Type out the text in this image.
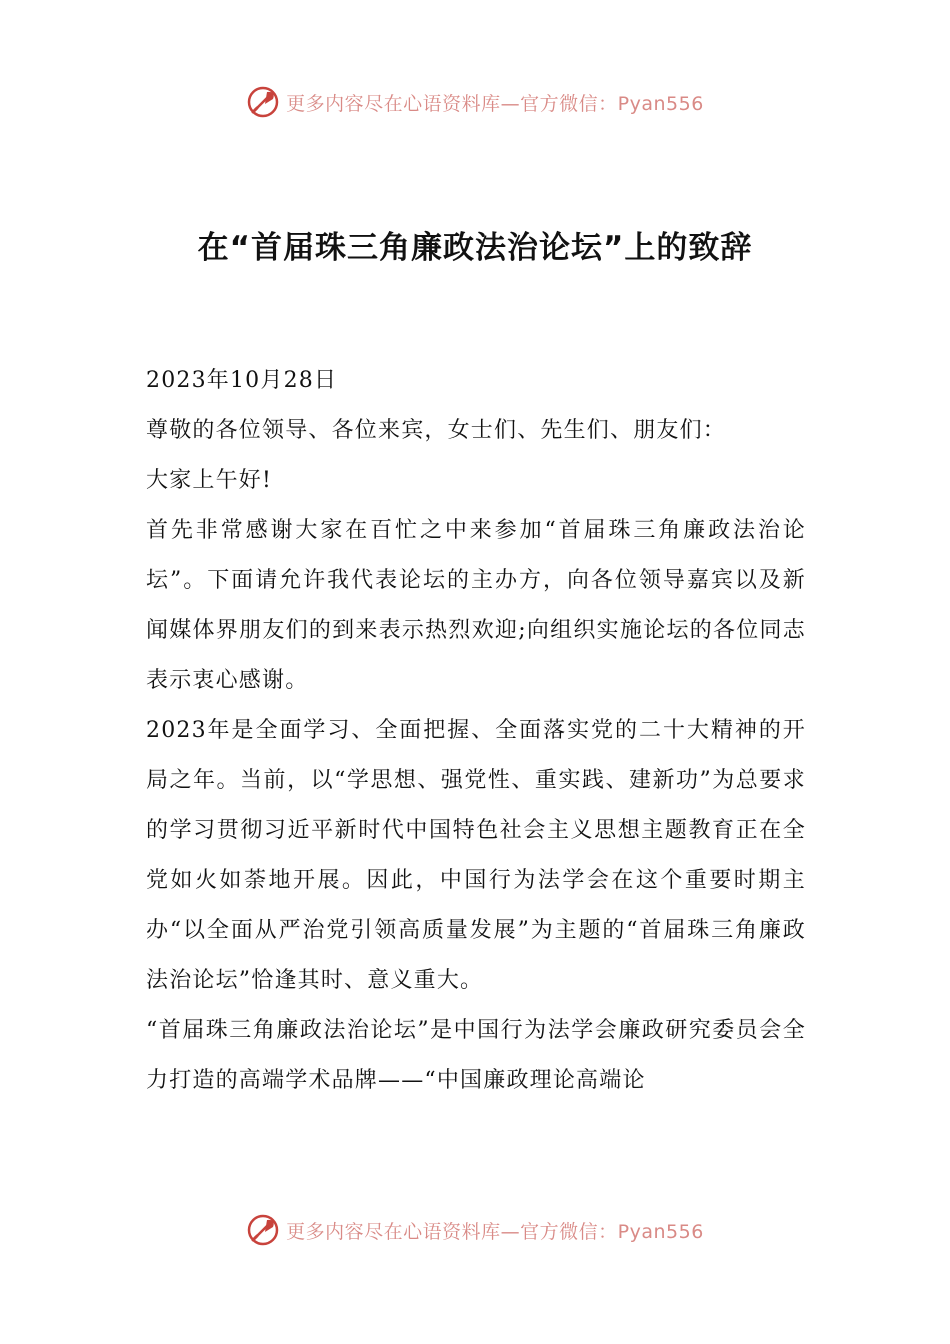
更多内容尽在心语资料库—官方微信：Pyan556
在“首届珠三角廉政法治论坛”上的致辞

2023年10月28日

尊敬的各位领导、各位来宾，女士们、先生们、朋友们：

大家上午好!

首先非常感谢大家在百忙之中来参加“首届珠三角廉政法治论坛”。下面请允许我代表论坛的主办方，向各位领导嘉宾以及新闻媒体界朋友们的到来表示热烈欢迎;向组织实施论坛的各位同志表示衷心感谢。

2023年是全面学习、全面把握、全面落实党的二十大精神的开局之年。当前，以“学思想、强党性、重实践、建新功”为总要求的学习贯彻习近平新时代中国特色社会主义思想主题教育正在全党如火如荼地开展。因此，中国行为法学会在这个重要时期主办“以全面从严治党引领高质量发展”为主题的“首届珠三角廉政法治论坛”恰逢其时、意义重大。

“首届珠三角廉政法治论坛”是中国行为法学会廉政研究委员会全力打造的高端学术品牌——“中国廉政理论高端论

更多内容尽在心语资料库—官方微信：Pyan556
